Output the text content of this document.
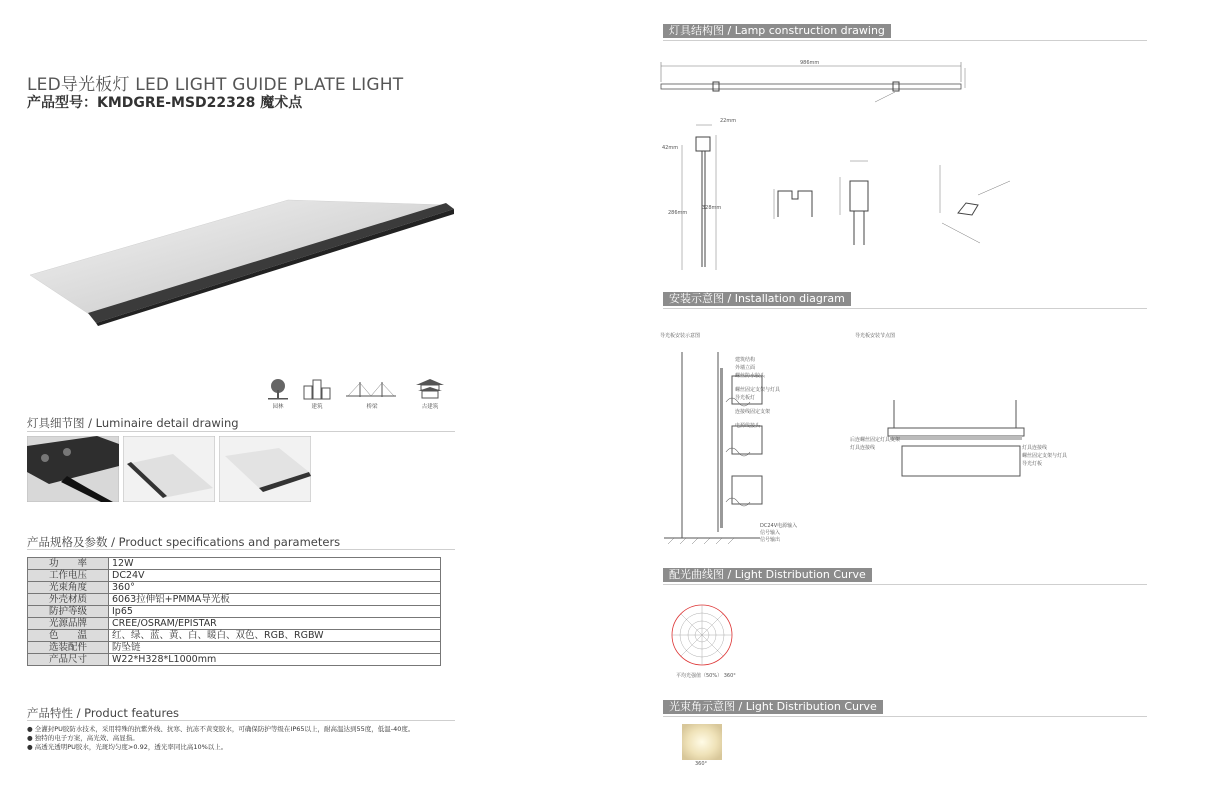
LED导光板灯 LED LIGHT GUIDE PLATE LIGHT
产品型号：KMDGRE-MSD22328 魔术点
园林	建筑	桥梁	古建筑
灯具细节图 / Luminaire detail drawing
产品规格及参数 / Product specifications and parameters
功　　率	12W
工作电压	DC24V
光束角度	360°
外壳材质	6063拉伸铝+PMMA导光板
防护等级	Ip65
光源品牌	CREE/OSRAM/EPISTAR
色　　温	红、绿、蓝、黄、白、暖白、双色、RGB、RGBW
选装配件	防坠链
产品尺寸	W22*H328*L1000mm
产品特性 / Product features
● 全灌封PU胶防水技术，采用特殊的抗紫外线、抗寒、抗冻不黄变胶水，可确保防护等级在IP65以上，耐高温达到55度，低温-40度。
● 独特的电子方案，高光效、高显指。
● 高透光透明PU胶水，光斑均匀度>0.92，透光率同比高10%以上。
灯具结构图 / Lamp construction drawing
986mm
22mm
42mm
286mm
328mm
安装示意图 / Installation diagram
导光板安装示意图	导光板安装节点图
建筑结构
外墙立面
螺丝防水胶头
螺丝固定支架与灯具
导光板灯
连接线固定支架
电源线接头
DC24V电源输入
信号输入
信号输出
后连螺丝固定灯具支架
灯具连接线	灯具连接线
螺丝固定支架与灯具
导光灯板
配光曲线图 / Light Distribution Curve
平均光强值（50%） 360°
光束角示意图 / Light Distribution Curve
360°
